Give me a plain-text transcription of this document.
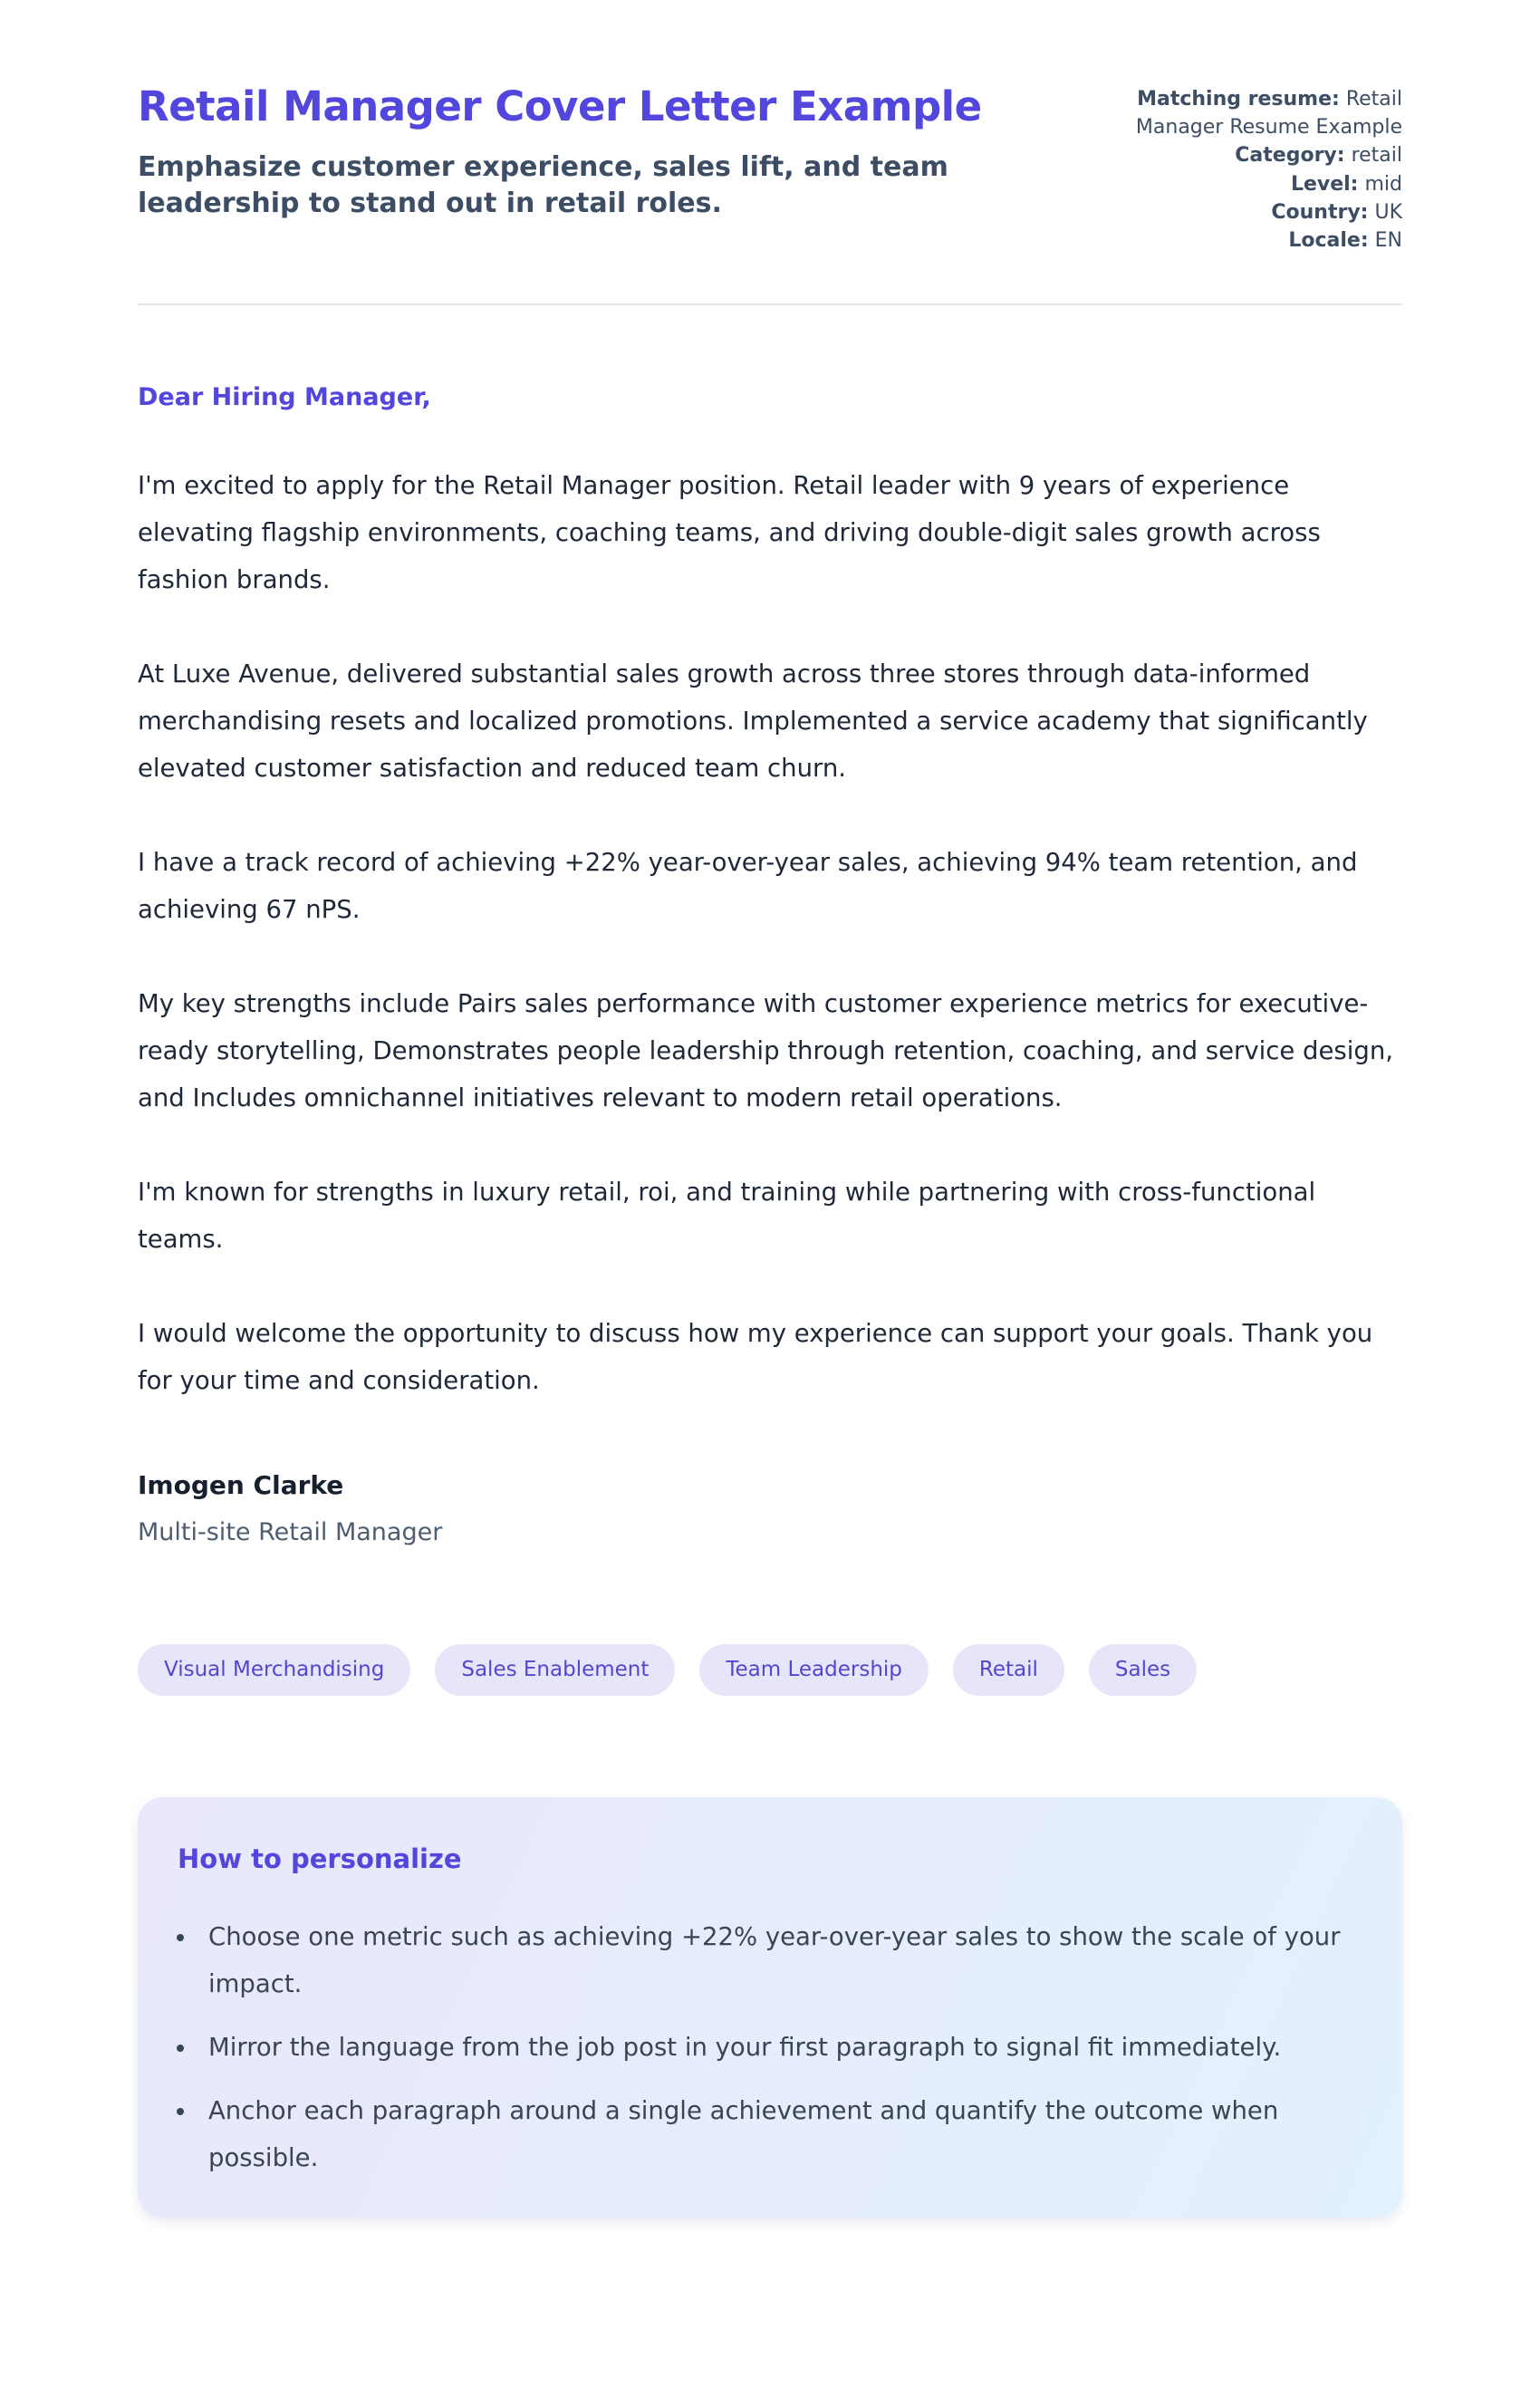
Retail Manager Cover Letter Example

Emphasize customer experience, sales lift, and team leadership to stand out in retail roles.

Matching resume: Retail Manager Resume Example

Category: retail

Level: mid

Country: UK

Locale: EN

Dear Hiring Manager,

I'm excited to apply for the Retail Manager position. Retail leader with 9 years of experience elevating flagship environments, coaching teams, and driving double-digit sales growth across fashion brands.

At Luxe Avenue, delivered substantial sales growth across three stores through data-informed merchandising resets and localized promotions. Implemented a service academy that significantly elevated customer satisfaction and reduced team churn.

I have a track record of achieving +22% year-over-year sales, achieving 94% team retention, and achieving 67 nPS.

My key strengths include Pairs sales performance with customer experience metrics for executive-ready storytelling, Demonstrates people leadership through retention, coaching, and service design, and Includes omnichannel initiatives relevant to modern retail operations.

I'm known for strengths in luxury retail, roi, and training while partnering with cross-functional teams.

I would welcome the opportunity to discuss how my experience can support your goals. Thank you for your time and consideration.

Imogen Clarke

Multi-site Retail Manager

Visual Merchandising	Sales Enablement	Team Leadership	Retail	Sales
How to personalize
• Choose one metric such as achieving +22% year-over-year sales to show the scale of your impact.
• Mirror the language from the job post in your first paragraph to signal fit immediately.
• Anchor each paragraph around a single achievement and quantify the outcome when possible.
